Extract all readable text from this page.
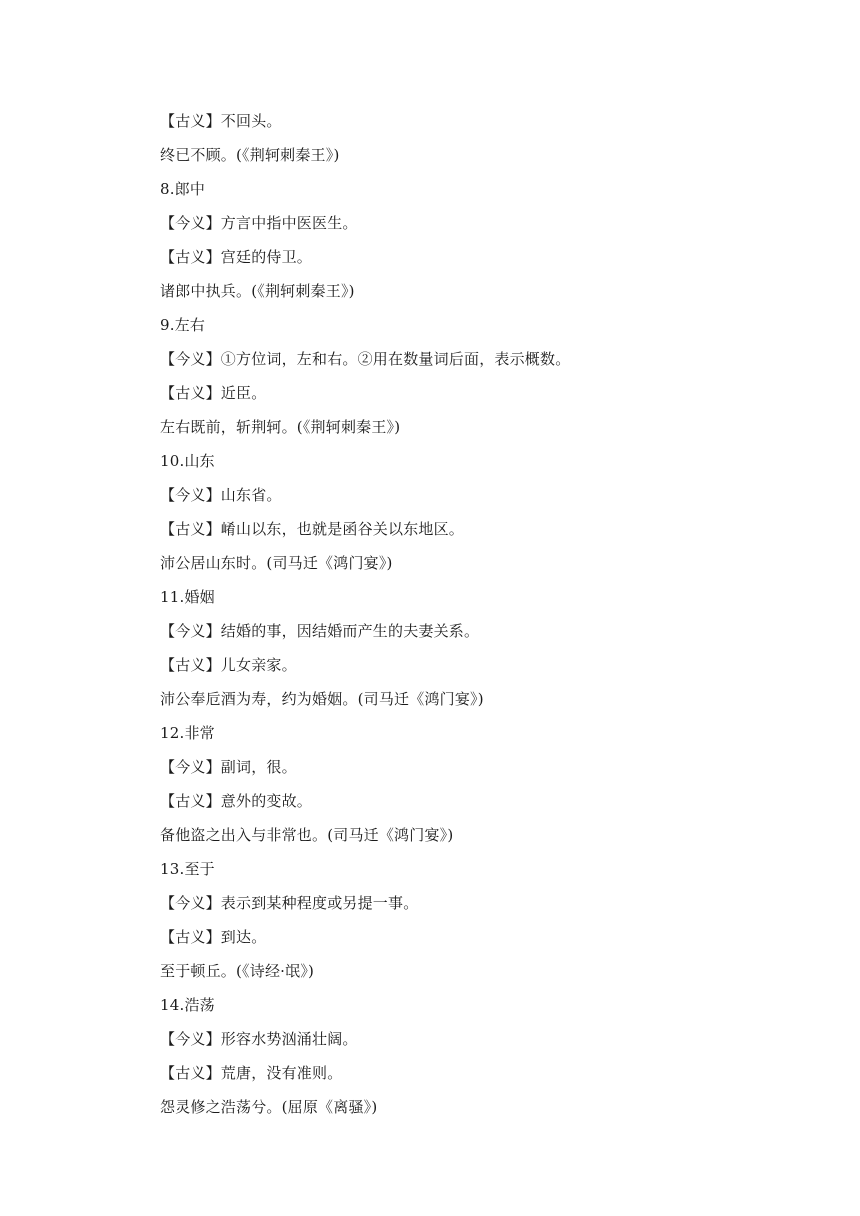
【古义】不回头。
终已不顾。(《荆轲刺秦王》)
8.郎中
【今义】方言中指中医医生。
【古义】宫廷的侍卫。
诸郎中执兵。(《荆轲刺秦王》)
9.左右
【今义】①方位词，左和右。②用在数量词后面，表示概数。
【古义】近臣。
左右既前，斩荆轲。(《荆轲刺秦王》)
10.山东
【今义】山东省。
【古义】崤山以东，也就是函谷关以东地区。
沛公居山东时。(司马迁《鸿门宴》)
11.婚姻
【今义】结婚的事，因结婚而产生的夫妻关系。
【古义】儿女亲家。
沛公奉卮酒为寿，约为婚姻。(司马迁《鸿门宴》)
12.非常
【今义】副词，很。
【古义】意外的变故。
备他盗之出入与非常也。(司马迁《鸿门宴》)
13.至于
【今义】表示到某种程度或另提一事。
【古义】到达。
至于顿丘。(《诗经·氓》)
14.浩荡
【今义】形容水势汹涌壮阔。
【古义】荒唐，没有准则。
怨灵修之浩荡兮。(屈原《离骚》)
